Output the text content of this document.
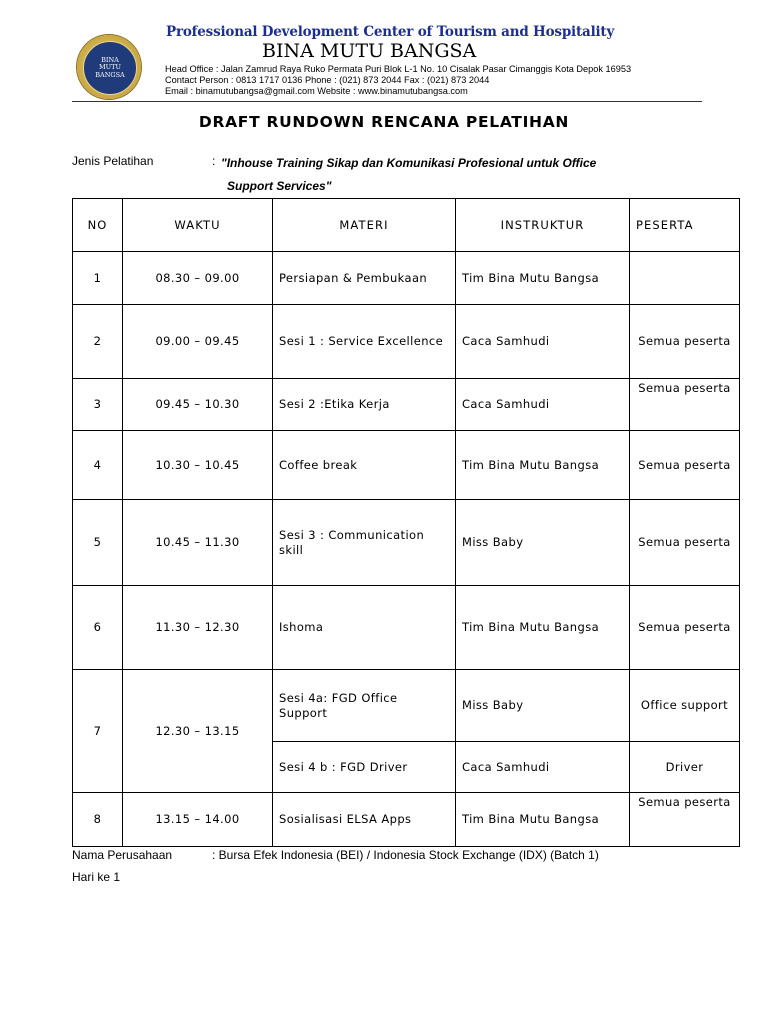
BINA
MUTU
BANGSA
Professional Development Center of Tourism and Hospitality
BINA MUTU BANGSA
Head Office : Jalan Zamrud Raya Ruko Permata Puri Blok L-1 No. 10 Cisalak Pasar Cimanggis Kota Depok 16953
Contact Person : 0813 1717 0136 Phone : (021) 873 2044 Fax : (021) 873 2044
Email : binamutubangsa@gmail.com Website : www.binamutubangsa.com
DRAFT RUNDOWN RENCANA PELATIHAN
Jenis Pelatihan	: "Inhouse Training Sikap dan Komunikasi Profesional untuk Office
Support Services"
NO	WAKTU	MATERI	INSTRUKTUR	PESERTA
1	08.30 – 09.00	Persiapan & Pembukaan	Tim Bina Mutu Bangsa	
2	09.00 – 09.45	Sesi 1 : Service Excellence	Caca Samhudi	Semua peserta
3	09.45 – 10.30	Sesi 2 :Etika Kerja	Caca Samhudi	Semua peserta
4	10.30 – 10.45	Coffee break	Tim Bina Mutu Bangsa	Semua peserta
5	10.45 – 11.30	Sesi 3 : Communication skill	Miss Baby	Semua peserta
6	11.30 – 12.30	Ishoma	Tim Bina Mutu Bangsa	Semua peserta
7	12.30 – 13.15	Sesi 4a: FGD Office Support	Miss Baby	Office support
		Sesi 4 b : FGD Driver	Caca Samhudi	Driver
8	13.15 – 14.00	Sosialisasi ELSA Apps	Tim Bina Mutu Bangsa	Semua peserta
Nama Perusahaan	: Bursa Efek Indonesia (BEI) / Indonesia Stock Exchange (IDX) (Batch 1)
Hari ke 1
